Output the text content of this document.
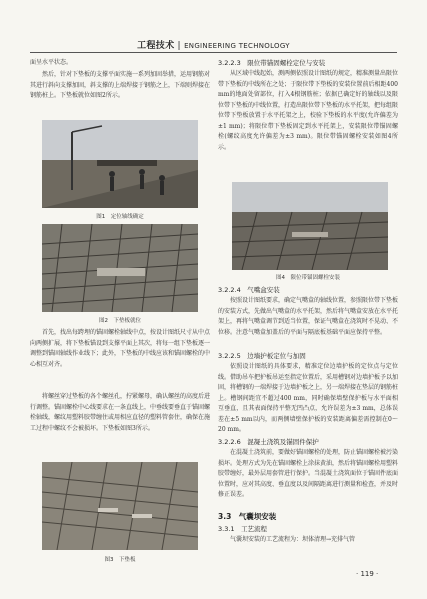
工程技术 | ENGINEERING TECHNOLOGY

面呈水平状态。

然后，针对下垫板的支撑平面实施一系列加固举措，运用钢筋对其进行斜向支撑加固，斜支撑的上端焊接于钢筋之上，下端则焊接在钢筋桩上。下垫板就位如图2所示。

图1　定位轴线确定
图2　下垫板就位

首先，找出每跨埋的锚固螺栓轴线中点，按设计图纸尺寸从中点向两侧扩展，将下垫板锚设到支撑平面上其次，将每一组下垫板逐一调整到锚固轴线作业线下；此外，下垫板的中线应该和锚固螺栓的中心相互对齐。

将螺丝穿过垫板的各个螺丝孔，拧紧螺母，确认螺丝的高度后进行调整。锚固螺栓中心线要求在一条直线上，中垂线要垂直于锚固螺栓轴线，螺纹用塑料胶带缠住或用相应直径的塑料管套住，确保在施工过程中螺纹不会被损坏。下垫板如图3所示。

图3　下垫板
3.2.2.3　限位带锚固螺栓定位与安装

从区域中线起始，测两侧依照设计图纸的规定，精准测量出限位带下垫板的中线所在之处；于限位带下垫板的安装位置前后相距400 mm的地面处留部位，打入4根钢筋桩；依据已确定好的轴线以及限位带下垫板的中线位置，打造出限位带下垫板的水平托架，把每组限位带下垫板放置于水平托架之上，校验下垫板的水平度(允许偏差为±1 mm)；将限位带下垫板固定到水平托架上，安装限位带锚固螺栓(螺纹高度允许偏差为±3 mm)。限位带锚固螺栓安装如图4所示。

图4　限位带锚固螺栓安装
3.2.2.4　气嘴盒安装

按照设计图纸要求，确定气嘴盒的轴线位置，参照限位带下垫板的安装方式，先做出气嘴盒的水平托架，然后将气嘴盒安放在水平托架上，再将气嘴盒调节到适当位置，保证气嘴盒在浇筑时不晃动、不位移。注意气嘴盒加盖后的平面与隔底板基础平面应保持平整。

3.2.2.5　边墙护板定位与加固

依照设计图纸的具体要求，精准定位边墙护板的定位点与定位线。借助吊车把护板吊运至指定位置后，采用槽钢对边墙护板予以加固，将槽钢的一端焊接于边墙护板之上，另一端焊接在垫层的钢筋桩上。槽钢间距宜不超过400 mm，同时确保墙壁保护板与水平面相互垂直，且其表面保持平整无凹凸点，允许误差为±3 mm，总体误差在±5 mm以内，而两侧墙壁保护板的安装距离偏差需控制在0～20 mm。

3.2.2.6　混凝土浇筑及锚固件保护

在混凝土浇筑前，要做好锚固螺栓的处理，防止锚固螺栓被污染损坏。处理方式为先在锚固螺栓上涂抹黄油，然后将锚固螺栓用塑料胶带缠好，最外层用套管进行保护。当混凝土浇筑面位于锚固件底面位置时，应对其高度、垂直度以及间隔距离进行测量和检查，并及时修正误差。

3.3　气囊坝安装
3.3.1　工艺流程

气囊坝安装的工艺流程为：坝体清理→充排气管

· 119 ·
